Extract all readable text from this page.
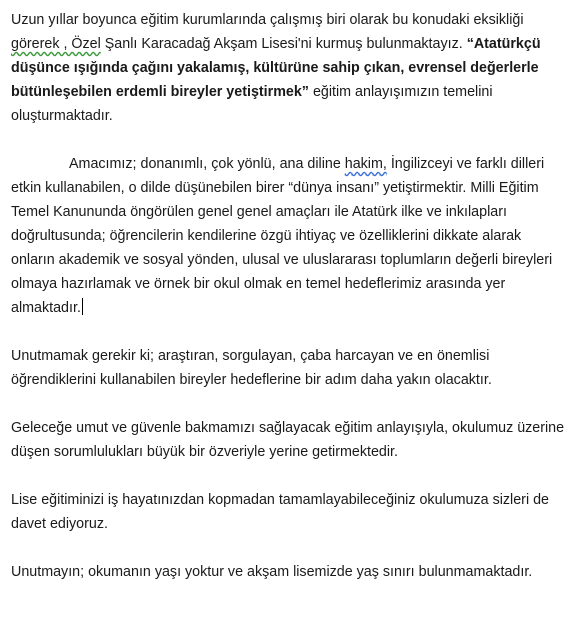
Uzun yıllar boyunca eğitim kurumlarında çalışmış biri olarak bu konudaki eksikliği görerek , Özel Şanlı Karacadağ Akşam Lisesi'ni kurmuş bulunmaktayız. “Atatürkçü düşünce ışığında çağını yakalamış, kültürüne sahip çıkan, evrensel değerlerle bütünleşebilen erdemli bireyler yetiştirmek” eğitim anlayışımızın temelini oluşturmaktadır.

Amacımız; donanımlı, çok yönlü, ana diline hakim, İngilizceyi ve farklı dilleri etkin kullanabilen, o dilde düşünebilen birer “dünya insanı” yetiştirmektir. Milli Eğitim Temel Kanununda öngörülen genel genel amaçları ile Atatürk ilke ve inkılapları doğrultusunda; öğrencilerin kendilerine özgü ihtiyaç ve özelliklerini dikkate alarak onların akademik ve sosyal yönden, ulusal ve uluslararası toplumların değerli bireyleri olmaya hazırlamak ve örnek bir okul olmak en temel hedeflerimiz arasında yer almaktadır.

Unutmamak gerekir ki; araştıran, sorgulayan, çaba harcayan ve en önemlisi öğrendiklerini kullanabilen bireyler hedeflerine bir adım daha yakın olacaktır.

Geleceğe umut ve güvenle bakmamızı sağlayacak eğitim anlayışıyla, okulumuz üzerine düşen sorumlulukları büyük bir özveriyle yerine getirmektedir.

Lise eğitiminizi iş hayatınızdan kopmadan tamamlayabileceğiniz okulumuza sizleri de davet ediyoruz.

Unutmayın; okumanın yaşı yoktur ve akşam lisemizde yaş sınırı bulunmamaktadır.
